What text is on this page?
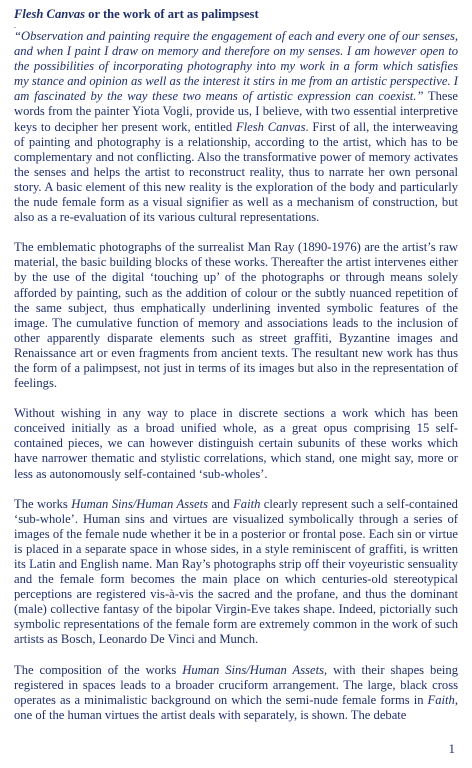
Flesh Canvas or the work of art as palimpsest
.

“Observation and painting require the engagement of each and every one of our senses, and when I paint I draw on memory and therefore on my senses. I am however open to the possibilities of incorporating photography into my work in a form which satisfies my stance and opinion as well as the interest it stirs in me from an artistic perspective. I am fascinated by the way these two means of artistic expression can coexist.” These words from the painter Yiota Vogli, provide us, I believe, with two essential interpretive keys to decipher her present work, entitled Flesh Canvas. First of all, the interweaving of painting and photography is a relationship, according to the artist, which has to be complementary and not conflicting. Also the transformative power of memory activates the senses and helps the artist to reconstruct reality, thus to narrate her own personal story. A basic element of this new reality is the exploration of the body and particularly the nude female form as a visual signifier as well as a mechanism of construction, but also as a re-evaluation of its various cultural representations.

The emblematic photographs of the surrealist Man Ray (1890-1976) are the artist’s raw material, the basic building blocks of these works. Thereafter the artist intervenes either by the use of the digital ‘touching up’ of the photographs or through means solely afforded by painting, such as the addition of colour or the subtly nuanced repetition of the same subject, thus emphatically underlining invented symbolic features of the image. The cumulative function of memory and associations leads to the inclusion of other apparently disparate elements such as street graffiti, Byzantine images and Renaissance art or even fragments from ancient texts. The resultant new work has thus the form of a palimpsest, not just in terms of its images but also in the representation of feelings.

Without wishing in any way to place in discrete sections a work which has been conceived initially as a broad unified whole, as a great opus comprising 15 self-contained pieces, we can however distinguish certain subunits of these works which have narrower thematic and stylistic correlations, which stand, one might say, more or less as autonomously self-contained ‘sub-wholes’.

The works Human Sins/Human Assets and Faith clearly represent such a self-contained ‘sub-whole’. Human sins and virtues are visualized symbolically through a series of images of the female nude whether it be in a posterior or frontal pose. Each sin or virtue is placed in a separate space in whose sides, in a style reminiscent of graffiti, is written its Latin and English name. Man Ray’s photographs strip off their voyeuristic sensuality and the female form becomes the main place on which centuries-old stereotypical perceptions are registered vis-à-vis the sacred and the profane, and thus the dominant (male) collective fantasy of the bipolar Virgin-Eve takes shape. Indeed, pictorially such symbolic representations of the female form are extremely common in the work of such artists as Bosch, Leonardo De Vinci and Munch.

The composition of the works Human Sins/Human Assets, with their shapes being registered in spaces leads to a broader cruciform arrangement. The large, black cross operates as a minimalistic background on which the semi-nude female forms in Faith, one of the human virtues the artist deals with separately, is shown. The debate

1
